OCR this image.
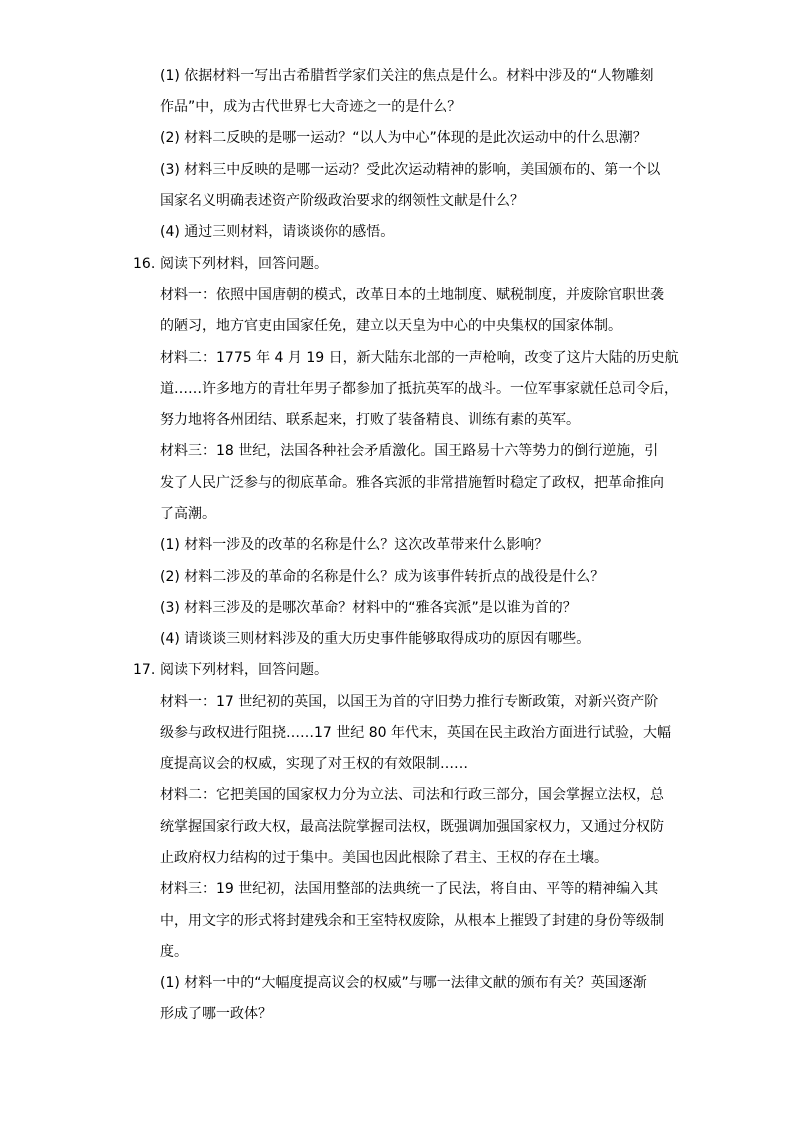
(1) 依据材料一写出古希腊哲学家们关注的焦点是什么。材料中涉及的“人物雕刻
作品”中，成为古代世界七大奇迹之一的是什么？
(2) 材料二反映的是哪一运动？“以人为中心”体现的是此次运动中的什么思潮？
(3) 材料三中反映的是哪一运动？受此次运动精神的影响，美国颁布的、第一个以
国家名义明确表述资产阶级政治要求的纲领性文献是什么？
(4) 通过三则材料，请谈谈你的感悟。
16. 阅读下列材料，回答问题。
材料一：依照中国唐朝的模式，改革日本的土地制度、赋税制度，并废除官职世袭
的陋习，地方官吏由国家任免，建立以天皇为中心的中央集权的国家体制。
材料二：1775 年 4 月 19 日，新大陆东北部的一声枪响，改变了这片大陆的历史航
道……许多地方的青壮年男子都参加了抵抗英军的战斗。一位军事家就任总司令后，
努力地将各州团结、联系起来，打败了装备精良、训练有素的英军。
材料三：18 世纪，法国各种社会矛盾激化。国王路易十六等势力的倒行逆施，引
发了人民广泛参与的彻底革命。雅各宾派的非常措施暂时稳定了政权，把革命推向
了高潮。
(1) 材料一涉及的改革的名称是什么？这次改革带来什么影响？
(2) 材料二涉及的革命的名称是什么？成为该事件转折点的战役是什么？
(3) 材料三涉及的是哪次革命？材料中的“雅各宾派”是以谁为首的？
(4) 请谈谈三则材料涉及的重大历史事件能够取得成功的原因有哪些。
17. 阅读下列材料，回答问题。
材料一：17 世纪初的英国，以国王为首的守旧势力推行专断政策，对新兴资产阶
级参与政权进行阻挠……17 世纪 80 年代末，英国在民主政治方面进行试验，大幅
度提高议会的权威，实现了对王权的有效限制……
材料二：它把美国的国家权力分为立法、司法和行政三部分，国会掌握立法权，总
统掌握国家行政大权，最高法院掌握司法权，既强调加强国家权力，又通过分权防
止政府权力结构的过于集中。美国也因此根除了君主、王权的存在土壤。
材料三：19 世纪初，法国用整部的法典统一了民法，将自由、平等的精神编入其
中，用文字的形式将封建残余和王室特权废除，从根本上摧毁了封建的身份等级制
度。
(1) 材料一中的“大幅度提高议会的权威”与哪一法律文献的颁布有关？英国逐渐
形成了哪一政体？
